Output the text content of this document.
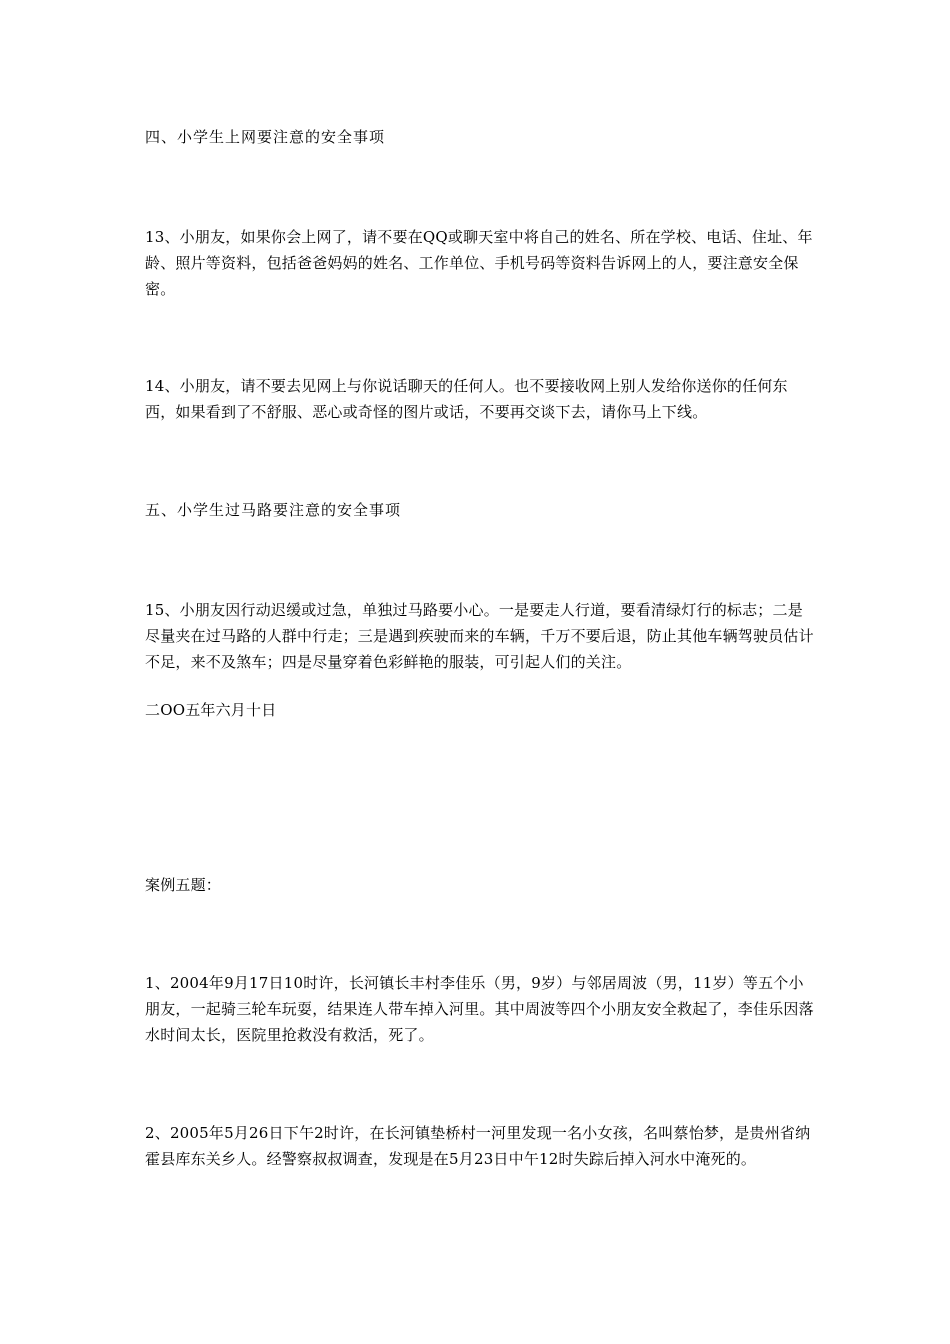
四、小学生上网要注意的安全事项

13、小朋友，如果你会上网了，请不要在QQ或聊天室中将自己的姓名、所在学校、电话、住址、年龄、照片等资料，包括爸爸妈妈的姓名、工作单位、手机号码等资料告诉网上的人，要注意安全保密。

14、小朋友，请不要去见网上与你说话聊天的任何人。也不要接收网上别人发给你送你的任何东西，如果看到了不舒服、恶心或奇怪的图片或话，不要再交谈下去，请你马上下线。

五、小学生过马路要注意的安全事项

15、小朋友因行动迟缓或过急，单独过马路要小心。一是要走人行道，要看清绿灯行的标志；二是尽量夹在过马路的人群中行走；三是遇到疾驶而来的车辆，千万不要后退，防止其他车辆驾驶员估计不足，来不及煞车；四是尽量穿着色彩鲜艳的服装，可引起人们的关注。

二OO五年六月十日

案例五题：

1、2004年9月17日10时许，长河镇长丰村李佳乐（男，9岁）与邻居周波（男，11岁）等五个小朋友，一起骑三轮车玩耍，结果连人带车掉入河里。其中周波等四个小朋友安全救起了，李佳乐因落水时间太长，医院里抢救没有救活，死了。

2、2005年5月26日下午2时许，在长河镇垫桥村一河里发现一名小女孩，名叫蔡怡梦，是贵州省纳霍县库东关乡人。经警察叔叔调查，发现是在5月23日中午12时失踪后掉入河水中淹死的。
